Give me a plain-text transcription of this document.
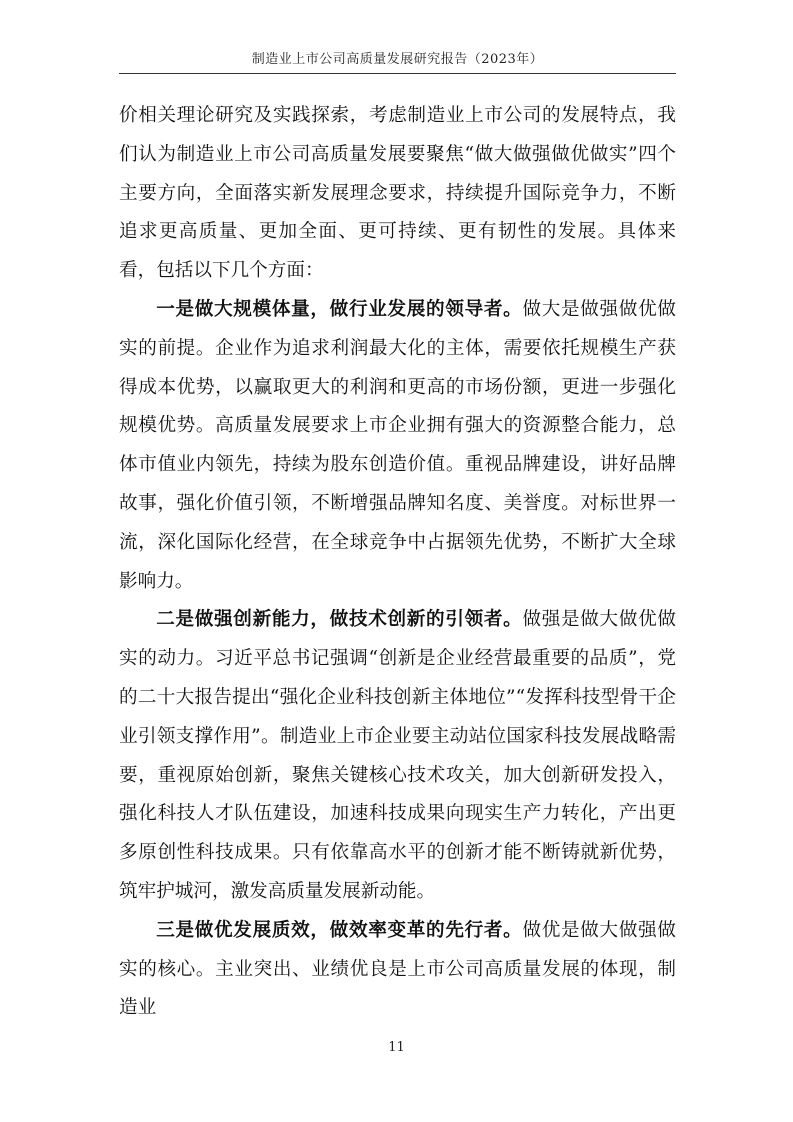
制造业上市公司高质量发展研究报告（2023年）

价相关理论研究及实践探索，考虑制造业上市公司的发展特点，我们认为制造业上市公司高质量发展要聚焦“做大做强做优做实”四个主要方向，全面落实新发展理念要求，持续提升国际竞争力，不断追求更高质量、更加全面、更可持续、更有韧性的发展。具体来看，包括以下几个方面：

一是做大规模体量，做行业发展的领导者。做大是做强做优做实的前提。企业作为追求利润最大化的主体，需要依托规模生产获得成本优势，以赢取更大的利润和更高的市场份额，更进一步强化规模优势。高质量发展要求上市企业拥有强大的资源整合能力，总体市值业内领先，持续为股东创造价值。重视品牌建设，讲好品牌故事，强化价值引领，不断增强品牌知名度、美誉度。对标世界一流，深化国际化经营，在全球竞争中占据领先优势，不断扩大全球影响力。

二是做强创新能力，做技术创新的引领者。做强是做大做优做实的动力。习近平总书记强调“创新是企业经营最重要的品质”，党的二十大报告提出“强化企业科技创新主体地位”“发挥科技型骨干企业引领支撑作用”。制造业上市企业要主动站位国家科技发展战略需要，重视原始创新，聚焦关键核心技术攻关，加大创新研发投入，强化科技人才队伍建设，加速科技成果向现实生产力转化，产出更多原创性科技成果。只有依靠高水平的创新才能不断铸就新优势，筑牢护城河，激发高质量发展新动能。

三是做优发展质效，做效率变革的先行者。做优是做大做强做实的核心。主业突出、业绩优良是上市公司高质量发展的体现，制造业

11
